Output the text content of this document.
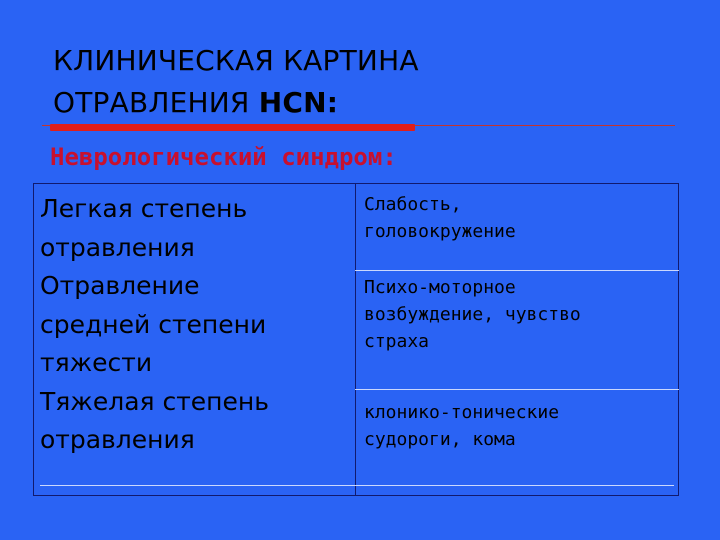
КЛИНИЧЕСКАЯ КАРТИНА
ОТРАВЛЕНИЯ HCN:
Неврологический синдром:
Легкая степень
отравления
Отравление
средней степени
тяжести
Тяжелая степень
отравления
Слабость,
головокружение
Психо-моторное
возбуждение, чувство
страха
клонико-тонические
судороги, кома
